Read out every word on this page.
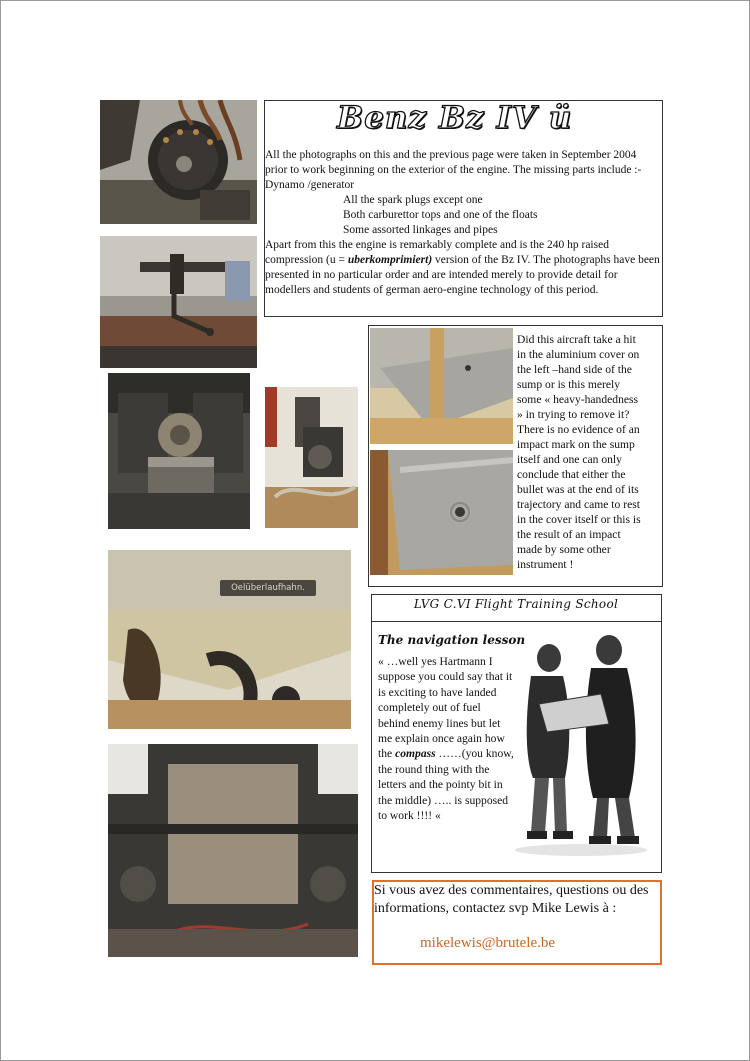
Oelüberlaufhahn.
Benz Bz IV ü

All the photographs on this and the previous page were taken in September 2004 prior to work beginning on the exterior of the engine. The missing parts include :- Dynamo /generator

All the spark plugs except one

Both carburettor tops and one of the floats

Some assorted linkages and pipes

Apart from this the engine is remarkably complete and is the 240 hp raised compression (u = uberkomprimiert) version of the Bz IV. The photographs have been presented in no particular order and are intended merely to provide detail for modellers and students of german aero-engine technology of this period.

Did this aircraft take a hit in the aluminium cover on the left –hand side of the sump or is this merely some « heavy-handedness » in trying to remove it? There is no evidence of an impact mark on the sump itself and one can only conclude that either the bullet was at the end of its trajectory and came to rest in the cover itself or this is the result of an impact made by some other instrument !
LVG C.VI Flight Training School
The navigation lesson
« …well yes Hartmann I suppose you could say that it is exciting to have landed completely out of fuel behind enemy lines but let me explain once again how the compass ……(you know, the round thing with the letters and the pointy bit in the middle) ….. is supposed to work !!!! «
Si vous avez des commentaires, questions ou des informations, contactez svp Mike Lewis à :
mikelewis@brutele.be
